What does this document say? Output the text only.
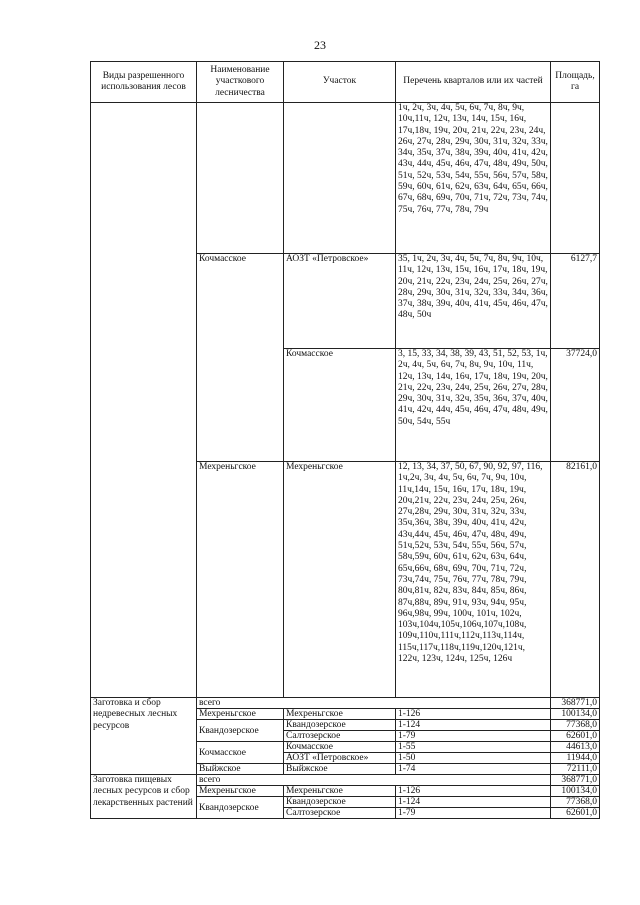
23
Виды разрешенного использования лесов	Наименование участкового лесничества	Участок	Перечень кварталов или их частей	Площадь, га
			1ч, 2ч, 3ч, 4ч, 5ч, 6ч, 7ч, 8ч, 9ч, 10ч,11ч, 12ч, 13ч, 14ч, 15ч, 16ч, 17ч,18ч, 19ч, 20ч, 21ч, 22ч, 23ч, 24ч, 26ч, 27ч, 28ч, 29ч, 30ч, 31ч, 32ч, 33ч, 34ч, 35ч, 37ч, 38ч, 39ч, 40ч, 41ч, 42ч, 43ч, 44ч, 45ч, 46ч, 47ч, 48ч, 49ч, 50ч, 51ч, 52ч, 53ч, 54ч, 55ч, 56ч, 57ч, 58ч, 59ч, 60ч, 61ч, 62ч, 63ч, 64ч, 65ч, 66ч, 67ч, 68ч, 69ч, 70ч, 71ч, 72ч, 73ч, 74ч, 75ч, 76ч, 77ч, 78ч, 79ч	
	Кочмасское	АОЗТ «Петровское»	35, 1ч, 2ч, 3ч, 4ч, 5ч, 7ч, 8ч, 9ч, 10ч, 11ч, 12ч, 13ч, 15ч, 16ч, 17ч, 18ч, 19ч, 20ч, 21ч, 22ч, 23ч, 24ч, 25ч, 26ч, 27ч, 28ч, 29ч, 30ч, 31ч, 32ч, 33ч, 34ч, 36ч, 37ч, 38ч, 39ч, 40ч, 41ч, 45ч, 46ч, 47ч, 48ч, 50ч	6127,7
		Кочмасское	3, 15, 33, 34, 38, 39, 43, 51, 52, 53, 1ч, 2ч, 4ч, 5ч, 6ч, 7ч, 8ч, 9ч, 10ч, 11ч, 12ч, 13ч, 14ч, 16ч, 17ч, 18ч, 19ч, 20ч, 21ч, 22ч, 23ч, 24ч, 25ч, 26ч, 27ч, 28ч, 29ч, 30ч, 31ч, 32ч, 35ч, 36ч, 37ч, 40ч, 41ч, 42ч, 44ч, 45ч, 46ч, 47ч, 48ч, 49ч, 50ч, 54ч, 55ч	37724,0
	Мехреньгское	Мехреньгское	12, 13, 34, 37, 50, 67, 90, 92, 97, 116, 1ч,2ч, 3ч, 4ч, 5ч, 6ч, 7ч, 9ч, 10ч, 11ч,14ч, 15ч, 16ч, 17ч, 18ч, 19ч, 20ч,21ч, 22ч, 23ч, 24ч, 25ч, 26ч, 27ч,28ч, 29ч, 30ч, 31ч, 32ч, 33ч, 35ч,36ч, 38ч, 39ч, 40ч, 41ч, 42ч, 43ч,44ч, 45ч, 46ч, 47ч, 48ч, 49ч, 51ч,52ч, 53ч, 54ч, 55ч, 56ч, 57ч, 58ч,59ч, 60ч, 61ч, 62ч, 63ч, 64ч, 65ч,66ч, 68ч, 69ч, 70ч, 71ч, 72ч, 73ч,74ч, 75ч, 76ч, 77ч, 78ч, 79ч, 80ч,81ч, 82ч, 83ч, 84ч, 85ч, 86ч, 87ч,88ч, 89ч, 91ч, 93ч, 94ч, 95ч, 96ч,98ч, 99ч, 100ч, 101ч, 102ч, 103ч,104ч,105ч,106ч,107ч,108ч, 109ч,110ч,111ч,112ч,113ч,114ч, 115ч,117ч,118ч,119ч,120ч,121ч, 122ч, 123ч, 124ч, 125ч, 126ч	82161,0
Заготовка и сбор недревесных лесных ресурсов	всего			368771,0
	Мехреньгское	Мехреньгское	1-126	100134,0
	Квандозерское	Квандозерское	1-124	77368,0
		Салтозерское	1-79	62601,0
	Кочмасское	Кочмасское	1-55	44613,0
		АОЗТ «Петровское»	1-50	11944,0
	Выйжское	Выйжское	1-74	72111,0
Заготовка пищевых лесных ресурсов и сбор лекарственных растений	всего			368771,0
	Мехреньгское	Мехреньгское	1-126	100134,0
	Квандозерское	Квандозерское	1-124	77368,0
		Салтозерское	1-79	62601,0
